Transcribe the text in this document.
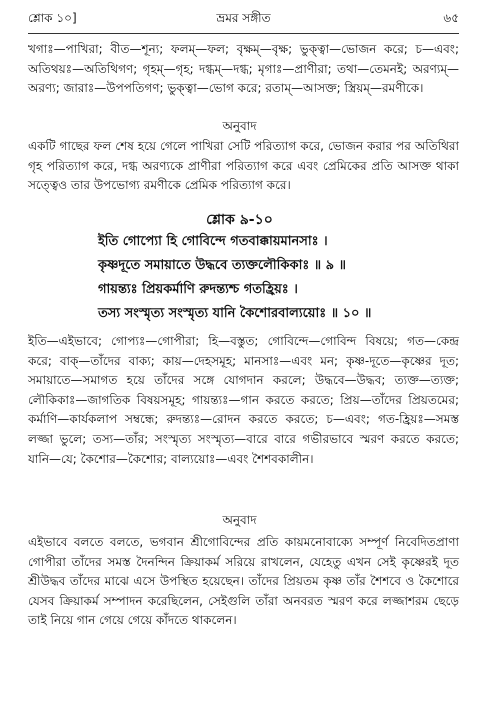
শ্লোক ১০]	ভ্রমর সঙ্গীত	৬৫

খগাঃ—পাখিরা; বীত—শূন্য; ফলম্—ফল; বৃক্ষম্—বৃক্ষ; ভুক্ত্বা—ভোজন করে; চ—এবং; অতিথয়ঃ—অতিথিগণ; গৃহম্—গৃহ; দগ্ধম্—দগ্ধ; মৃগাঃ—প্রাণীরা; তথা—তেমনই; অরণ্যম্—অরণ্য; জারাঃ—উপপতিগণ; ভুক্ত্বা—ভোগ করে; রতাম্—আসক্ত; স্ত্রিয়ম্—রমণীকে।

অনুবাদ

একটি গাছের ফল শেষ হয়ে গেলে পাখিরা সেটি পরিত্যাগ করে, ভোজন করার পর অতিথিরা গৃহ পরিত্যাগ করে, দগ্ধ অরণ্যকে প্রাণীরা পরিত্যাগ করে এবং প্রেমিকের প্রতি আসক্ত থাকা সত্ত্বেও তার উপভোগ্য রমণীকে প্রেমিক পরিত্যাগ করে।

শ্লোক ৯-১০
ইতি গোপ্যো হি গোবিন্দে গতবাক্কায়মানসাঃ ।
কৃষ্ণদূতে সমায়াতে উদ্ধবে ত্যক্তলৌকিকাঃ ॥ ৯ ॥
গায়ন্ত্যঃ প্রিয়কর্মাণি রুদন্ত্যশ্চ গতহ্রিয়ঃ ।
তস্য সংস্মৃত্য সংস্মৃত্য যানি কৈশোরবাল্যয়োঃ ॥ ১০ ॥

ইতি—এইভাবে; গোপ্যঃ—গোপীরা; হি—বস্তুত; গোবিন্দে—গোবিন্দ বিষয়ে; গত—কেন্দ্র করে; বাক্—তাঁদের বাক্য; কায়—দেহসমূহ; মানসাঃ—এবং মন; কৃষ্ণ-দূতে—কৃষ্ণের দূত; সমায়াতে—সমাগত হয়ে তাঁদের সঙ্গে যোগদান করলে; উদ্ধবে—উদ্ধব; ত্যক্ত—ত্যক্ত; লৌকিকাঃ—জাগতিক বিষয়সমূহ; গায়ন্ত্যঃ—গান করতে করতে; প্রিয়—তাঁদের প্রিয়তমের; কর্মাণি—কার্যকলাপ সম্বন্ধে; রুদন্ত্যঃ—রোদন করতে করতে; চ—এবং; গত-হ্রিয়ঃ—সমস্ত লজ্জা ভুলে; তস্য—তাঁর; সংস্মৃত্য সংস্মৃত্য—বারে বারে গভীরভাবে স্মরণ করতে করতে; যানি—যে; কৈশোর—কৈশোর; বাল্যয়োঃ—এবং শৈশবকালীন।

অনুবাদ

এইভাবে বলতে বলতে, ভগবান শ্রীগোবিন্দের প্রতি কায়মনোবাক্যে সম্পূর্ণ নিবেদিতপ্রাণা গোপীরা তাঁদের সমস্ত দৈনন্দিন ক্রিয়াকর্ম সরিয়ে রাখলেন, যেহেতু এখন সেই কৃষ্ণেরই দূত শ্রীউদ্ধব তাঁদের মাঝে এসে উপস্থিত হয়েছেন। তাঁদের প্রিয়তম কৃষ্ণ তাঁর শৈশবে ও কৈশোরে যেসব ক্রিয়াকর্ম সম্পাদন করেছিলেন, সেইগুলি তাঁরা অনবরত স্মরণ করে লজ্জাশরম ছেড়ে তাই নিয়ে গান গেয়ে গেয়ে কাঁদতে থাকলেন।
